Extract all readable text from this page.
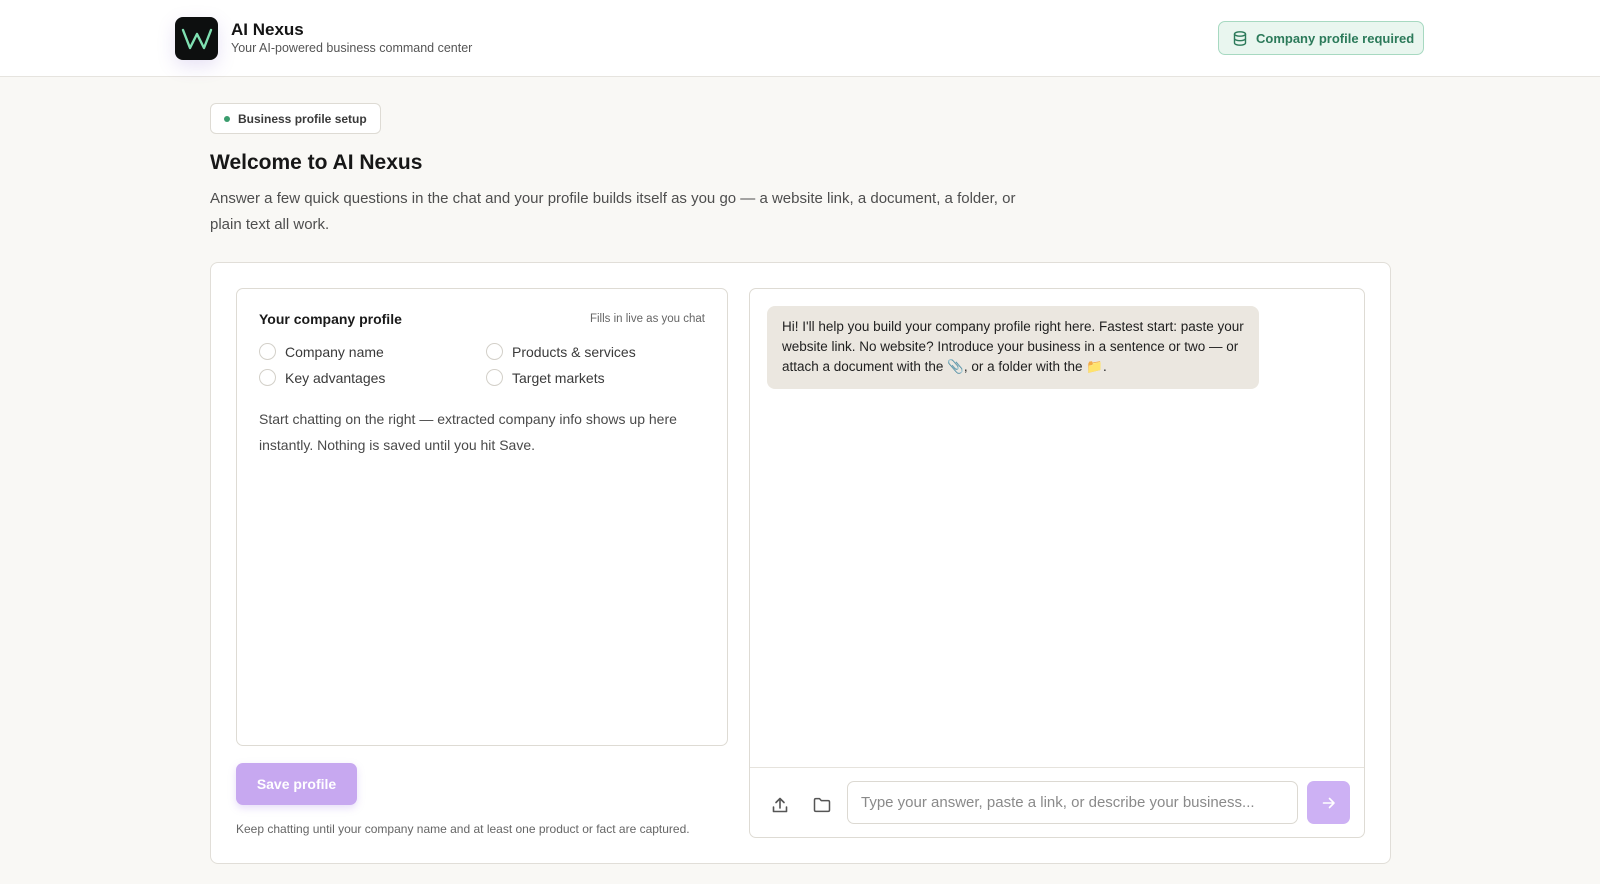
AI Nexus
Your AI-powered business command center
Company profile required
Business profile setup
Welcome to AI Nexus
Answer a few quick questions in the chat and your profile builds itself as you go — a website link, a document, a folder, or plain text all work.
Your company profile	Fills in live as you chat
Company name	Products & services
Key advantages	Target markets
Start chatting on the right — extracted company info shows up here instantly. Nothing is saved until you hit Save.
Save profile
Keep chatting until your company name and at least one product or fact are captured.
Hi! I'll help you build your company profile right here. Fastest start: paste your website link. No website? Introduce your business in a sentence or two — or attach a document with the 📎, or a folder with the 📁.
Type your answer, paste a link, or describe your business...
